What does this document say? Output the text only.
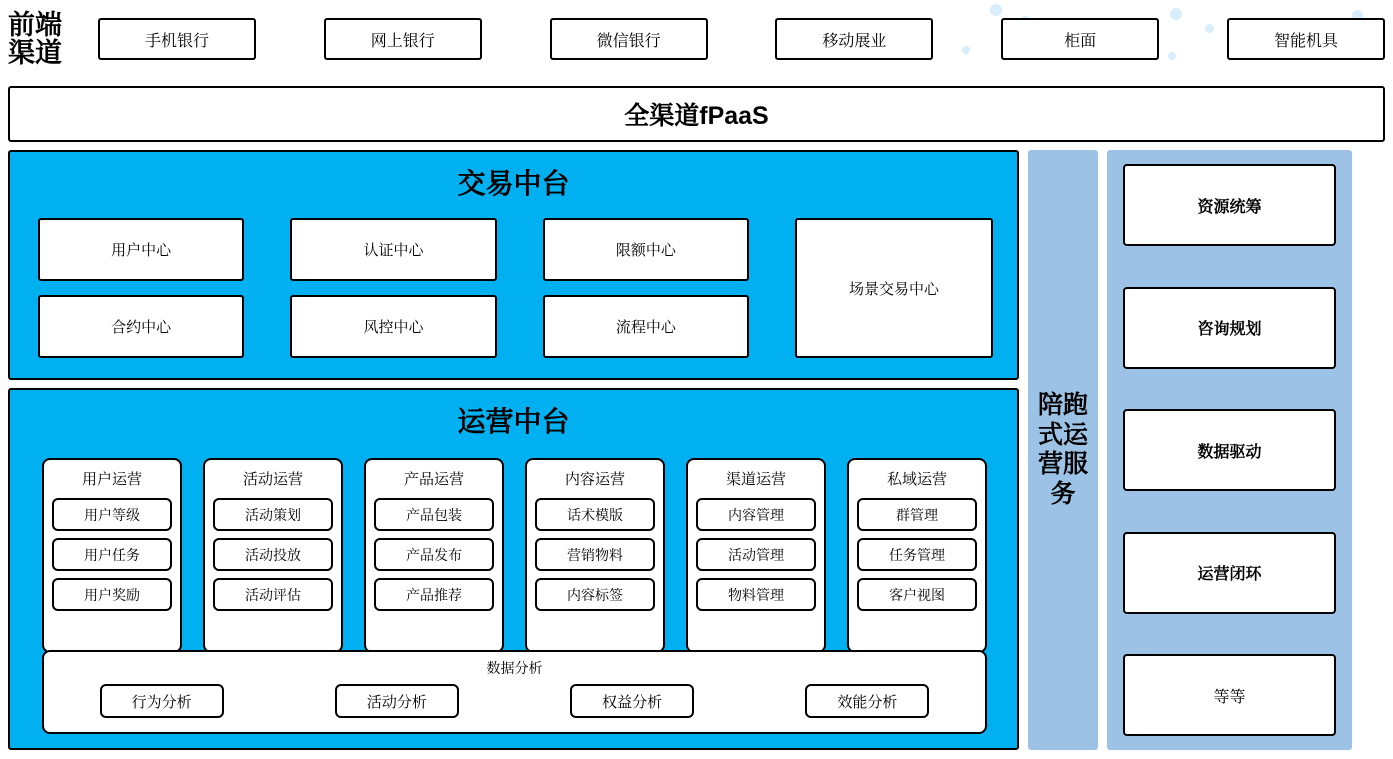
前端
渠道	手机银行	网上银行	微信银行	移动展业	柜面	智能机具
全渠道fPaaS
交易中台
用户中心	认证中心	限额中心
合约中心	风控中心	流程中心
场景交易中心
运营中台
用户运营
用户等级
用户任务
用户奖励
活动运营
活动策划
活动投放
活动评估
产品运营
产品包装
产品发布
产品推荐
内容运营
话术模版
营销物料
内容标签
渠道运营
内容管理
活动管理
物料管理
私域运营
群管理
任务管理
客户视图
数据分析
行为分析	活动分析	权益分析	效能分析
陪跑
式运
营服
务
资源统筹
咨询规划
数据驱动
运营闭环
等等
